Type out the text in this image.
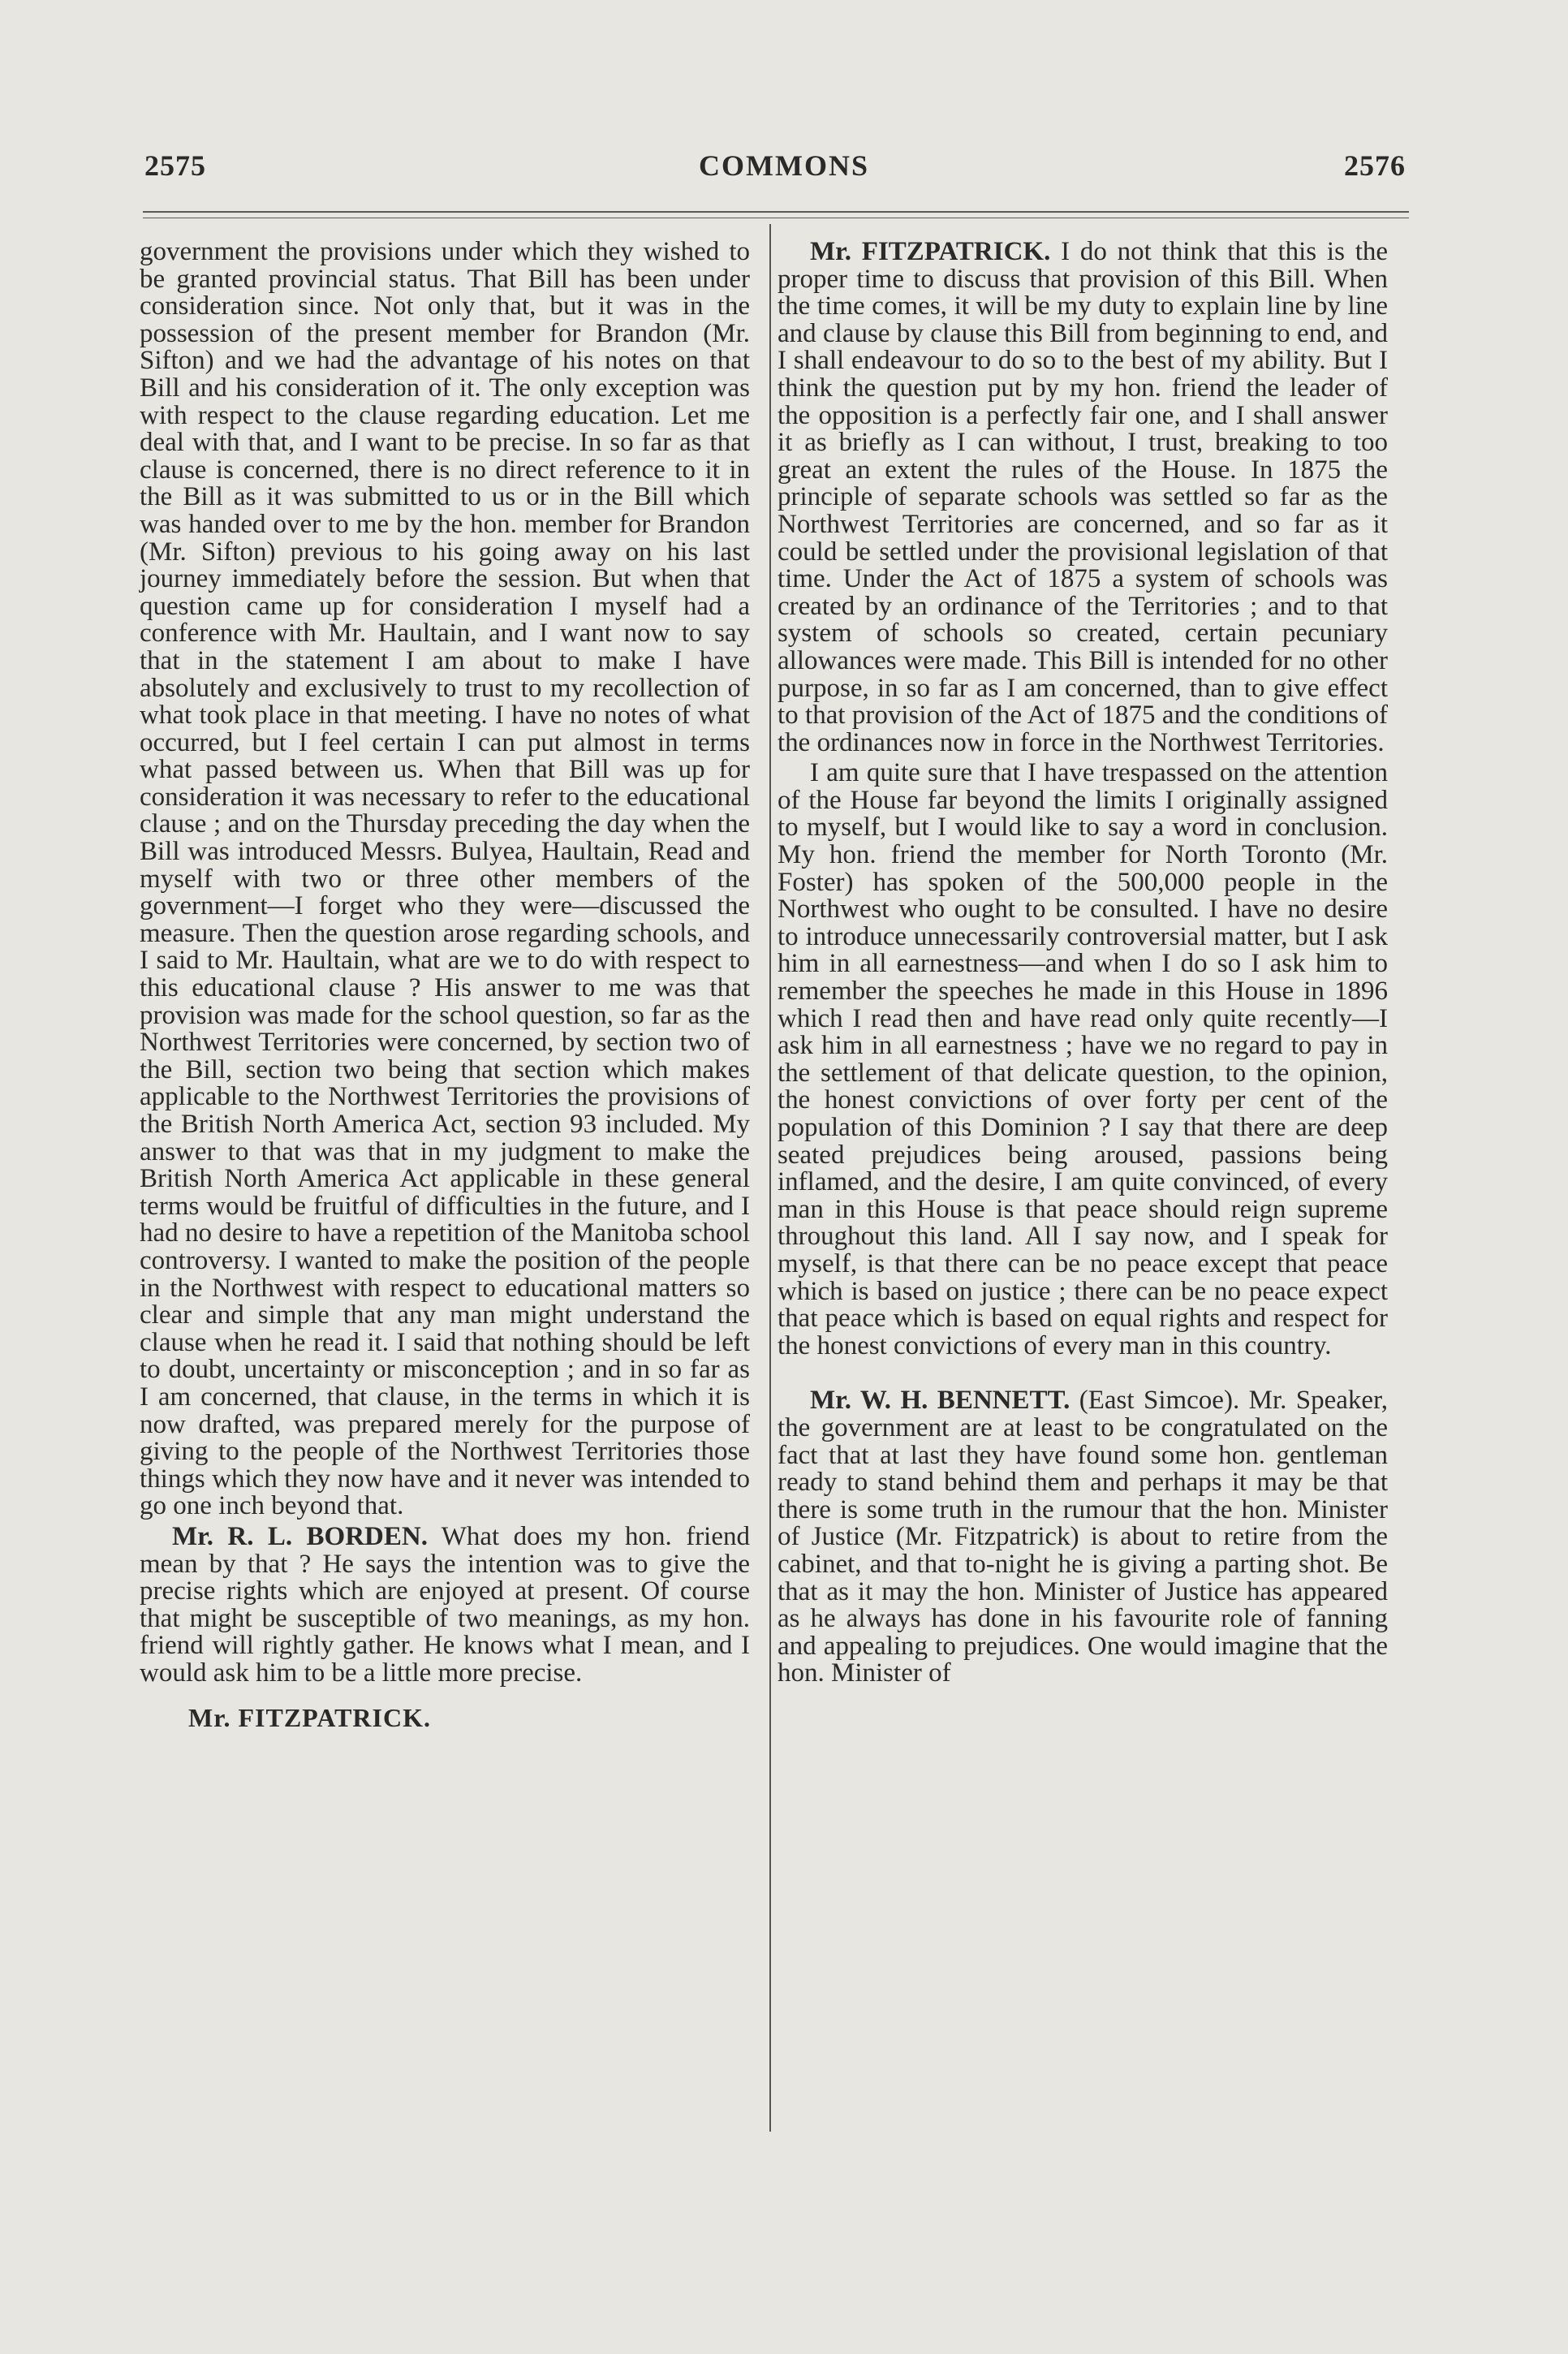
2575	COMMONS	2576

government the provisions under which they wished to be granted provincial status. That Bill has been under consideration since. Not only that, but it was in the possession of the present member for Brandon (Mr. Sifton) and we had the advantage of his notes on that Bill and his consideration of it. The only exception was with respect to the clause regarding education. Let me deal with that, and I want to be precise. In so far as that clause is concerned, there is no direct reference to it in the Bill as it was submitted to us or in the Bill which was handed over to me by the hon. member for Brandon (Mr. Sifton) previous to his going away on his last journey immediately before the session. But when that question came up for consideration I myself had a conference with Mr. Haultain, and I want now to say that in the statement I am about to make I have absolutely and exclusively to trust to my recollection of what took place in that meeting. I have no notes of what occurred, but I feel certain I can put almost in terms what passed between us. When that Bill was up for consideration it was necessary to refer to the educational clause ; and on the Thursday preceding the day when the Bill was introduced Messrs. Bulyea, Haultain, Read and myself with two or three other members of the government—I forget who they were—discussed the measure. Then the question arose regarding schools, and I said to Mr. Haultain, what are we to do with respect to this educational clause ? His answer to me was that provision was made for the school question, so far as the Northwest Territories were concerned, by section two of the Bill, section two being that section which makes applicable to the Northwest Territories the provisions of the British North America Act, section 93 included. My answer to that was that in my judgment to make the British North America Act applicable in these general terms would be fruitful of difficulties in the future, and I had no desire to have a repetition of the Manitoba school controversy. I wanted to make the position of the people in the Northwest with respect to educational matters so clear and simple that any man might understand the clause when he read it. I said that nothing should be left to doubt, uncertainty or misconception ; and in so far as I am concerned, that clause, in the terms in which it is now drafted, was prepared merely for the purpose of giving to the people of the Northwest Territories those things which they now have and it never was intended to go one inch beyond that.

Mr. R. L. BORDEN. What does my hon. friend mean by that ? He says the intention was to give the precise rights which are enjoyed at present. Of course that might be susceptible of two meanings, as my hon. friend will rightly gather. He knows what I mean, and I would ask him to be a little more precise.

Mr. FITZPATRICK.

Mr. FITZPATRICK. I do not think that this is the proper time to discuss that provision of this Bill. When the time comes, it will be my duty to explain line by line and clause by clause this Bill from beginning to end, and I shall endeavour to do so to the best of my ability. But I think the question put by my hon. friend the leader of the opposition is a perfectly fair one, and I shall answer it as briefly as I can without, I trust, breaking to too great an extent the rules of the House. In 1875 the principle of separate schools was settled so far as the Northwest Territories are concerned, and so far as it could be settled under the provisional legislation of that time. Under the Act of 1875 a system of schools was created by an ordinance of the Territories ; and to that system of schools so created, certain pecuniary allowances were made. This Bill is intended for no other purpose, in so far as I am concerned, than to give effect to that provision of the Act of 1875 and the conditions of the ordinances now in force in the Northwest Territories.

I am quite sure that I have trespassed on the attention of the House far beyond the limits I originally assigned to myself, but I would like to say a word in conclusion. My hon. friend the member for North Toronto (Mr. Foster) has spoken of the 500,000 people in the Northwest who ought to be consulted. I have no desire to introduce unnecessarily controversial matter, but I ask him in all earnestness—and when I do so I ask him to remember the speeches he made in this House in 1896 which I read then and have read only quite recently—I ask him in all earnestness ; have we no regard to pay in the settlement of that delicate question, to the opinion, the honest convictions of over forty per cent of the population of this Dominion ? I say that there are deep seated prejudices being aroused, passions being inflamed, and the desire, I am quite convinced, of every man in this House is that peace should reign supreme throughout this land. All I say now, and I speak for myself, is that there can be no peace except that peace which is based on justice ; there can be no peace expect that peace which is based on equal rights and respect for the honest convictions of every man in this country.

Mr. W. H. BENNETT. (East Simcoe). Mr. Speaker, the government are at least to be congratulated on the fact that at last they have found some hon. gentleman ready to stand behind them and perhaps it may be that there is some truth in the rumour that the hon. Minister of Justice (Mr. Fitzpatrick) is about to retire from the cabinet, and that to-night he is giving a parting shot. Be that as it may the hon. Minister of Justice has appeared as he always has done in his favourite role of fanning and appealing to prejudices. One would imagine that the hon. Minister of
